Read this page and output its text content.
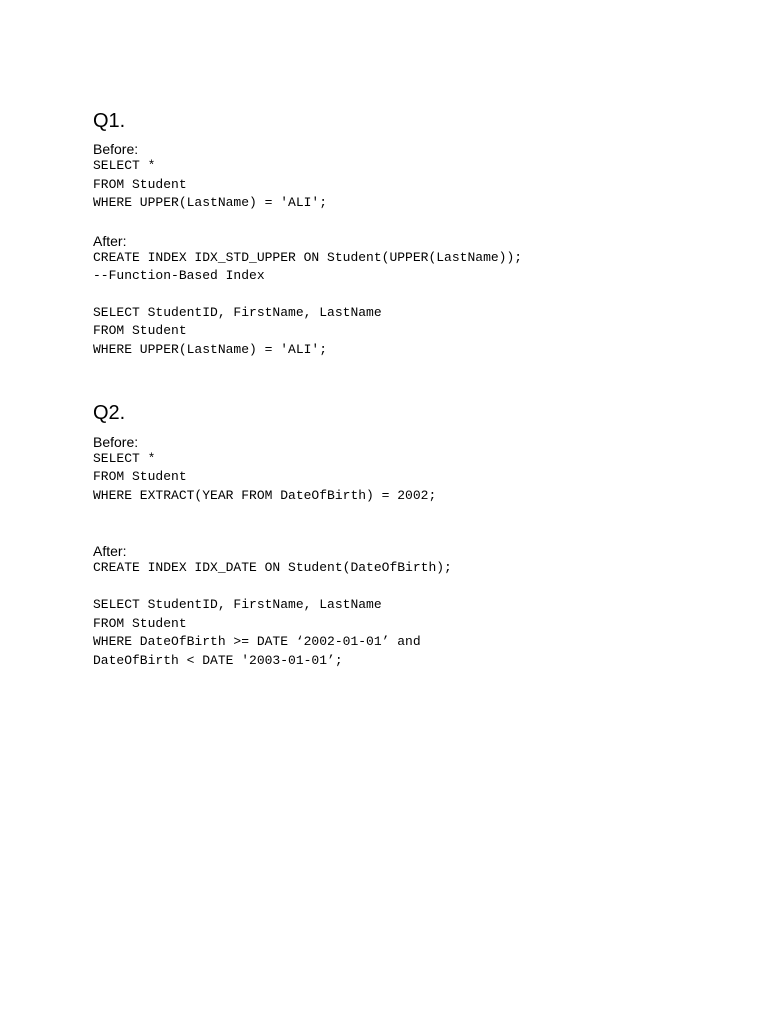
Q1.
Before:
SELECT *
FROM Student
WHERE UPPER(LastName) = 'ALI';
After:
CREATE INDEX IDX_STD_UPPER ON Student(UPPER(LastName));
--Function-Based Index
SELECT StudentID, FirstName, LastName
FROM Student
WHERE UPPER(LastName) = 'ALI';
Q2.
Before:
SELECT *
FROM Student
WHERE EXTRACT(YEAR FROM DateOfBirth) = 2002;
After:
CREATE INDEX IDX_DATE ON Student(DateOfBirth);
SELECT StudentID, FirstName, LastName
FROM Student
WHERE DateOfBirth >= DATE ‘2002-01-01’ and
DateOfBirth < DATE '2003-01-01’;
